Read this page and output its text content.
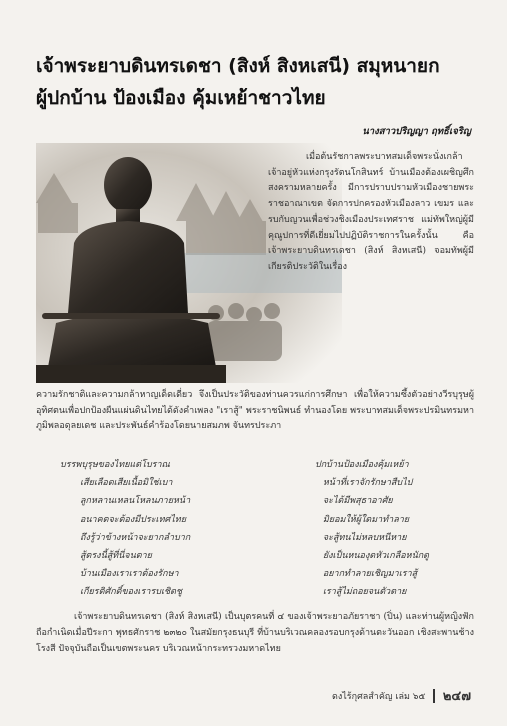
เจ้าพระยาบดินทรเดชา (สิงห์ สิงหเสนี) สมุหนายก
ผู้ปกบ้าน ป้องเมือง คุ้มเหย้าชาวไทย
นางสาวปริญญา ฤทธิ์เจริญ

เมื่อต้นรัชกาลพระบาทสมเด็จพระนั่งเกล้าเจ้าอยู่หัวแห่งกรุงรัตนโกสินทร์ บ้านเมืองต้องเผชิญศึกสงครามหลายครั้ง มีการปราบปรามหัวเมืองชายพระราชอาณาเขต จัดการปกครองหัวเมืองลาว เขมร และรบกับญวนเพื่อช่วงชิงเมืองประเทศราช แม่ทัพใหญ่ผู้มีคุณูปการที่ดีเยี่ยมไปปฏิบัติราชการในครั้งนั้น คือ เจ้าพระยาบดินทรเดชา (สิงห์ สิงหเสนี) จอมทัพผู้มีเกียรติประวัติในเรื่อง

ความรักชาติและความกล้าหาญเด็ดเดี่ยว จึงเป็นประวัติของท่านควรแก่การศึกษา เพื่อให้ความซึ้งตัวอย่างวีรบุรุษผู้อุทิศตนเพื่อปกป้องผืนแผ่นดินไทยได้ดังคำเพลง "เราสู้" พระราชนิพนธ์ ทำนองโดย พระบาทสมเด็จพระปรมินทรมหาภูมิพลอดุลยเดช และประพันธ์คำร้องโดยนายสมภพ จันทรประภา

บรรพบุรุษของไทยแต่โบราณ	ปกบ้านป้องเมืองคุ้มเหย้า
เสียเลือดเสียเนื้อมิใช่เบา	หน้าที่เราจักรักษาสืบไป
ลูกหลานเหลนโหลนภายหน้า	จะได้มีพสุธาอาศัย
อนาคตจะต้องมีประเทศไทย	มิยอมให้ผู้ใดมาทำลาย
ถึงรู้ว่าข้างหน้าจะยากลำบาก	จะสู้ทนไม่หลบหนีหาย
สู้ตรงนี้สู้ที่นี่จนตาย	ยังเป็นหนองุดหัวเกลือหนักดู
บ้านเมืองเราเราต้องรักษา	อยากทำลายเชิญมาเราสู้
เกียรติศักดิ์ของเรารบเชิดชู	เราสู้ไม่ถอยจนตัวตาย

เจ้าพระยาบดินทรเดชา (สิงห์ สิงหเสนี) เป็นบุตรคนที่ ๔ ของเจ้าพระยาอภัยราชา (ปิ่น) และท่านผู้หญิงฟัก ถือกำเนิดเมื่อปีระกา พุทธศักราช ๒๓๒๐ ในสมัยกรุงธนบุรี ที่บ้านบริเวณคลองรอบกรุงด้านตะวันออก เชิงสะพานช้างโรงสี ปัจจุบันถือเป็นเขตพระนคร บริเวณหน้ากระทรวงมหาดไทย

ดงไร้กุศลสำคัญ เล่ม ๖๕ ๒๔๗
